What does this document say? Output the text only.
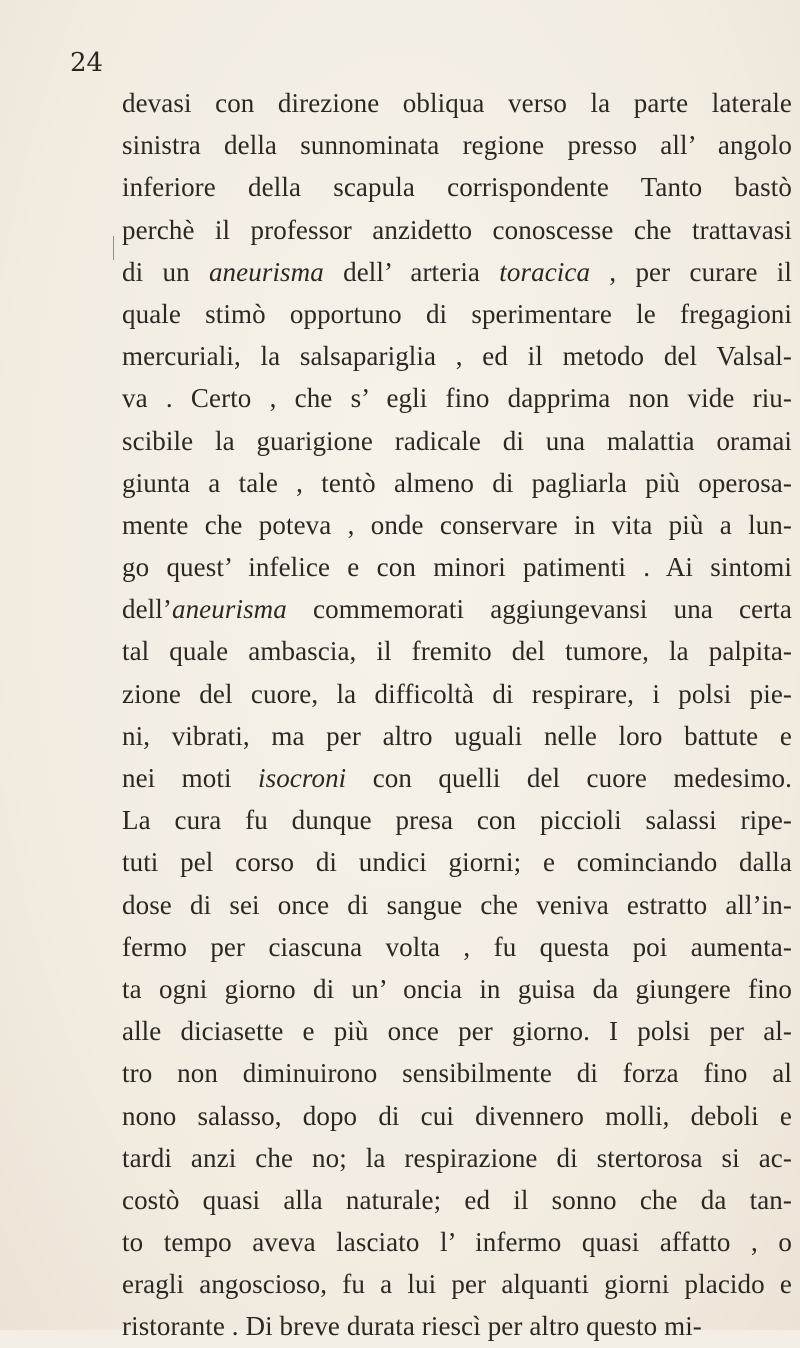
24
devasi con direzione obliqua verso la parte laterale
sinistra della sunnominata regione presso all’ angolo
inferiore della scapula corrispondente Tanto bastò
perchè il professor anzidetto conoscesse che trattavasi
di un aneurisma dell’ arteria toracica , per curare il
quale stimò opportuno di sperimentare le fregagioni
mercuriali, la salsapariglia , ed il metodo del Valsal-
va . Certo , che s’ egli fino dapprima non vide riu-
scibile la guarigione radicale di una malattia oramai
giunta a tale , tentò almeno di pagliarla più operosa-
mente che poteva , onde conservare in vita più a lun-
go quest’ infelice e con minori patimenti . Ai sintomi
dell’aneurisma commemorati aggiungevansi una certa
tal quale ambascia, il fremito del tumore, la palpita-
zione del cuore, la difficoltà di respirare, i polsi pie-
ni, vibrati, ma per altro uguali nelle loro battute e
nei moti isocroni con quelli del cuore medesimo.
La cura fu dunque presa con piccioli salassi ripe-
tuti pel corso di undici giorni; e cominciando dalla
dose di sei once di sangue che veniva estratto all’in-
fermo per ciascuna volta , fu questa poi aumenta-
ta ogni giorno di un’ oncia in guisa da giungere fino
alle diciasette e più once per giorno. I polsi per al-
tro non diminuirono sensibilmente di forza fino al
nono salasso, dopo di cui divennero molli, deboli e
tardi anzi che no; la respirazione di stertorosa si ac-
costò quasi alla naturale; ed il sonno che da tan-
to tempo aveva lasciato l’ infermo quasi affatto , o
eragli angoscioso, fu a lui per alquanti giorni placido e
ristorante . Di breve durata riescì per altro questo mi-
